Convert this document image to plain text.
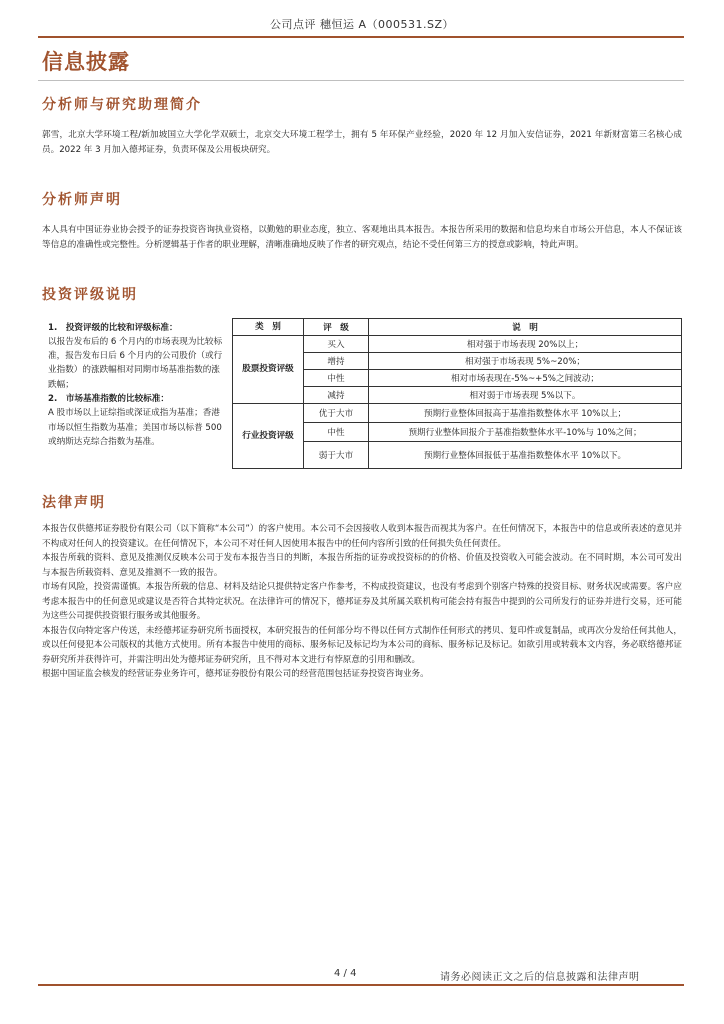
公司点评 穗恒运 A（000531.SZ）
信息披露
分析师与研究助理简介
郭雪，北京大学环境工程/新加坡国立大学化学双硕士，北京交大环境工程学士，拥有 5 年环保产业经验，2020 年 12 月加入安信证券，2021 年新财富第三名核心成员。2022 年 3 月加入德邦证券，负责环保及公用板块研究。
分析师声明
本人具有中国证券业协会授予的证券投资咨询执业资格，以勤勉的职业态度，独立、客观地出具本报告。本报告所采用的数据和信息均来自市场公开信息，本人不保证该等信息的准确性或完整性。分析逻辑基于作者的职业理解，清晰准确地反映了作者的研究观点，结论不受任何第三方的授意或影响，特此声明。
投资评级说明
1.　投资评级的比较和评级标准：
以报告发布后的 6 个月内的市场表现为比较标准，报告发布日后 6 个月内的公司股价（或行业指数）的涨跌幅相对同期市场基准指数的涨跌幅；
2.　市场基准指数的比较标准：
A 股市场以上证综指或深证成指为基准；香港市场以恒生指数为基准；美国市场以标普 500 或纳斯达克综合指数为基准。	类　别	评　级	说　明
	股票投资评级	买入	相对强于市场表现 20%以上；
		增持	相对强于市场表现 5%~20%；
		中性	相对市场表现在-5%~+5%之间波动；
		减持	相对弱于市场表现 5%以下。
	行业投资评级	优于大市	预期行业整体回报高于基准指数整体水平 10%以上；
		中性	预期行业整体回报介于基准指数整体水平-10%与 10%之间；
		弱于大市	预期行业整体回报低于基准指数整体水平 10%以下。
法律声明

本报告仅供德邦证券股份有限公司（以下简称“本公司”）的客户使用。本公司不会因接收人收到本报告而视其为客户。在任何情况下，本报告中的信息或所表述的意见并不构成对任何人的投资建议。在任何情况下，本公司不对任何人因使用本报告中的任何内容所引致的任何损失负任何责任。

本报告所载的资料、意见及推测仅反映本公司于发布本报告当日的判断，本报告所指的证券或投资标的的价格、价值及投资收入可能会波动。在不同时期，本公司可发出与本报告所载资料、意见及推测不一致的报告。

市场有风险，投资需谨慎。本报告所载的信息、材料及结论只提供特定客户作参考，不构成投资建议，也没有考虑到个别客户特殊的投资目标、财务状况或需要。客户应考虑本报告中的任何意见或建议是否符合其特定状况。在法律许可的情况下，德邦证券及其所属关联机构可能会持有报告中提到的公司所发行的证券并进行交易，还可能为这些公司提供投资银行服务或其他服务。

本报告仅向特定客户传送，未经德邦证券研究所书面授权，本研究报告的任何部分均不得以任何方式制作任何形式的拷贝、复印件或复制品，或再次分发给任何其他人，或以任何侵犯本公司版权的其他方式使用。所有本报告中使用的商标、服务标记及标记均为本公司的商标、服务标记及标记。如欲引用或转载本文内容，务必联络德邦证券研究所并获得许可，并需注明出处为德邦证券研究所，且不得对本文进行有悖原意的引用和删改。

根据中国证监会核发的经营证券业务许可，德邦证券股份有限公司的经营范围包括证券投资咨询业务。

4 / 4	请务必阅读正文之后的信息披露和法律声明
